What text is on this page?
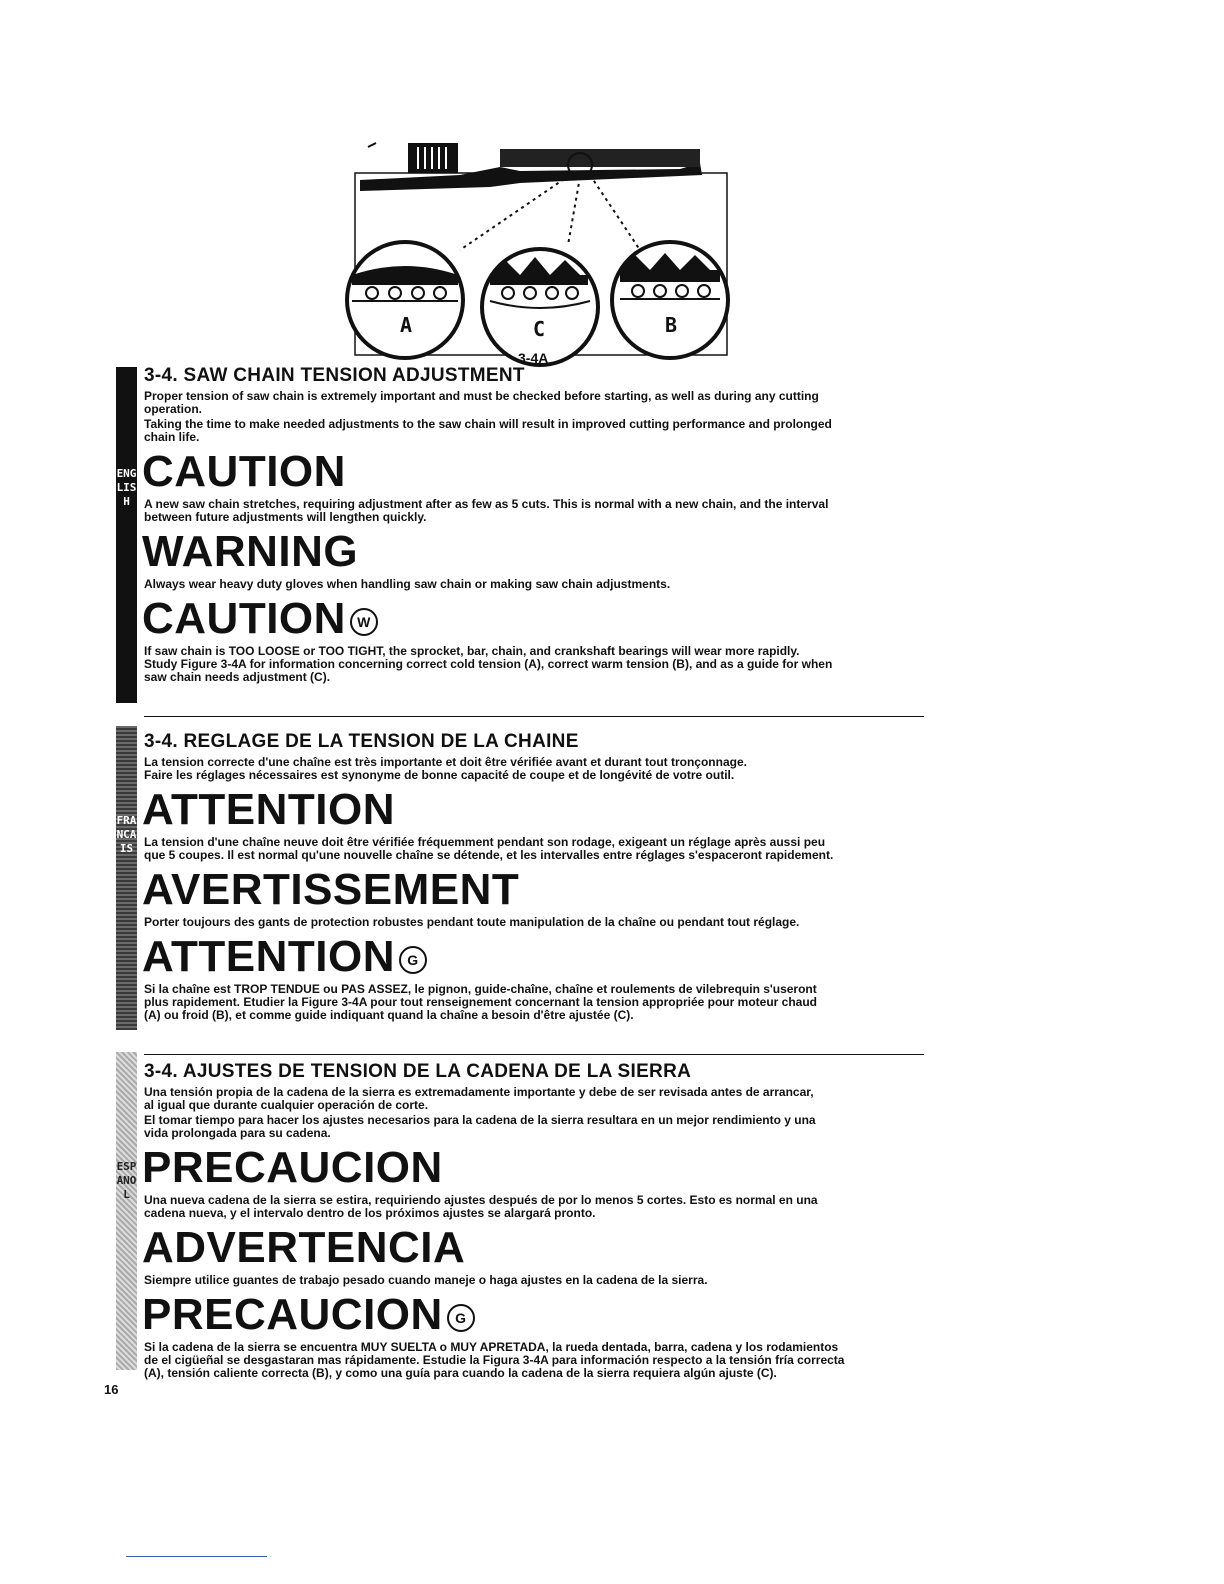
A	C	B
3-4A
ENGLISH
FRANCAIS
ESPANOL
3-4. SAW CHAIN TENSION ADJUSTMENT
Proper tension of saw chain is extremely important and must be checked before starting, as well as during any cutting
operation.
Taking the time to make needed adjustments to the saw chain will result in improved cutting performance and prolonged
chain life.
CAUTION
A new saw chain stretches, requiring adjustment after as few as 5 cuts. This is normal with a new chain, and the interval
between future adjustments will lengthen quickly.
WARNING
Always wear heavy duty gloves when handling saw chain or making saw chain adjustments.
CAUTION W
If saw chain is TOO LOOSE or TOO TIGHT, the sprocket, bar, chain, and crankshaft bearings will wear more rapidly.
Study Figure 3-4A for information concerning correct cold tension (A), correct warm tension (B), and as a guide for when
saw chain needs adjustment (C).
3-4. REGLAGE DE LA TENSION DE LA CHAINE
La tension correcte d'une chaîne est très importante et doit être vérifiée avant et durant tout tronçonnage.
Faire les réglages nécessaires est synonyme de bonne capacité de coupe et de longévité de votre outil.
ATTENTION
La tension d'une chaîne neuve doit être vérifiée fréquemment pendant son rodage, exigeant un réglage après aussi peu
que 5 coupes. Il est normal qu'une nouvelle chaîne se détende, et les intervalles entre réglages s'espaceront rapidement.
AVERTISSEMENT
Porter toujours des gants de protection robustes pendant toute manipulation de la chaîne ou pendant tout réglage.
ATTENTION G
Si la chaîne est TROP TENDUE ou PAS ASSEZ, le pignon, guide-chaîne, chaîne et roulements de vilebrequin s'useront
plus rapidement. Etudier la Figure 3-4A pour tout renseignement concernant la tension appropriée pour moteur chaud
(A) ou froid (B), et comme guide indiquant quand la chaîne a besoin d'être ajustée (C).
3-4. AJUSTES DE TENSION DE LA CADENA DE LA SIERRA
Una tensión propia de la cadena de la sierra es extremadamente importante y debe de ser revisada antes de arrancar,
al igual que durante cualquier operación de corte.
El tomar tiempo para hacer los ajustes necesarios para la cadena de la sierra resultara en un mejor rendimiento y una
vida prolongada para su cadena.
PRECAUCION
Una nueva cadena de la sierra se estira, requiriendo ajustes después de por lo menos 5 cortes. Esto es normal en una
cadena nueva, y el intervalo dentro de los próximos ajustes se alargará pronto.
ADVERTENCIA
Siempre utilice guantes de trabajo pesado cuando maneje o haga ajustes en la cadena de la sierra.
PRECAUCION G
Si la cadena de la sierra se encuentra MUY SUELTA o MUY APRETADA, la rueda dentada, barra, cadena y los rodamientos
de el cigüeñal se desgastaran mas rápidamente. Estudie la Figura 3-4A para información respecto a la tensión fría correcta
(A), tensión caliente correcta (B), y como una guía para cuando la cadena de la sierra requiera algún ajuste (C).
16
